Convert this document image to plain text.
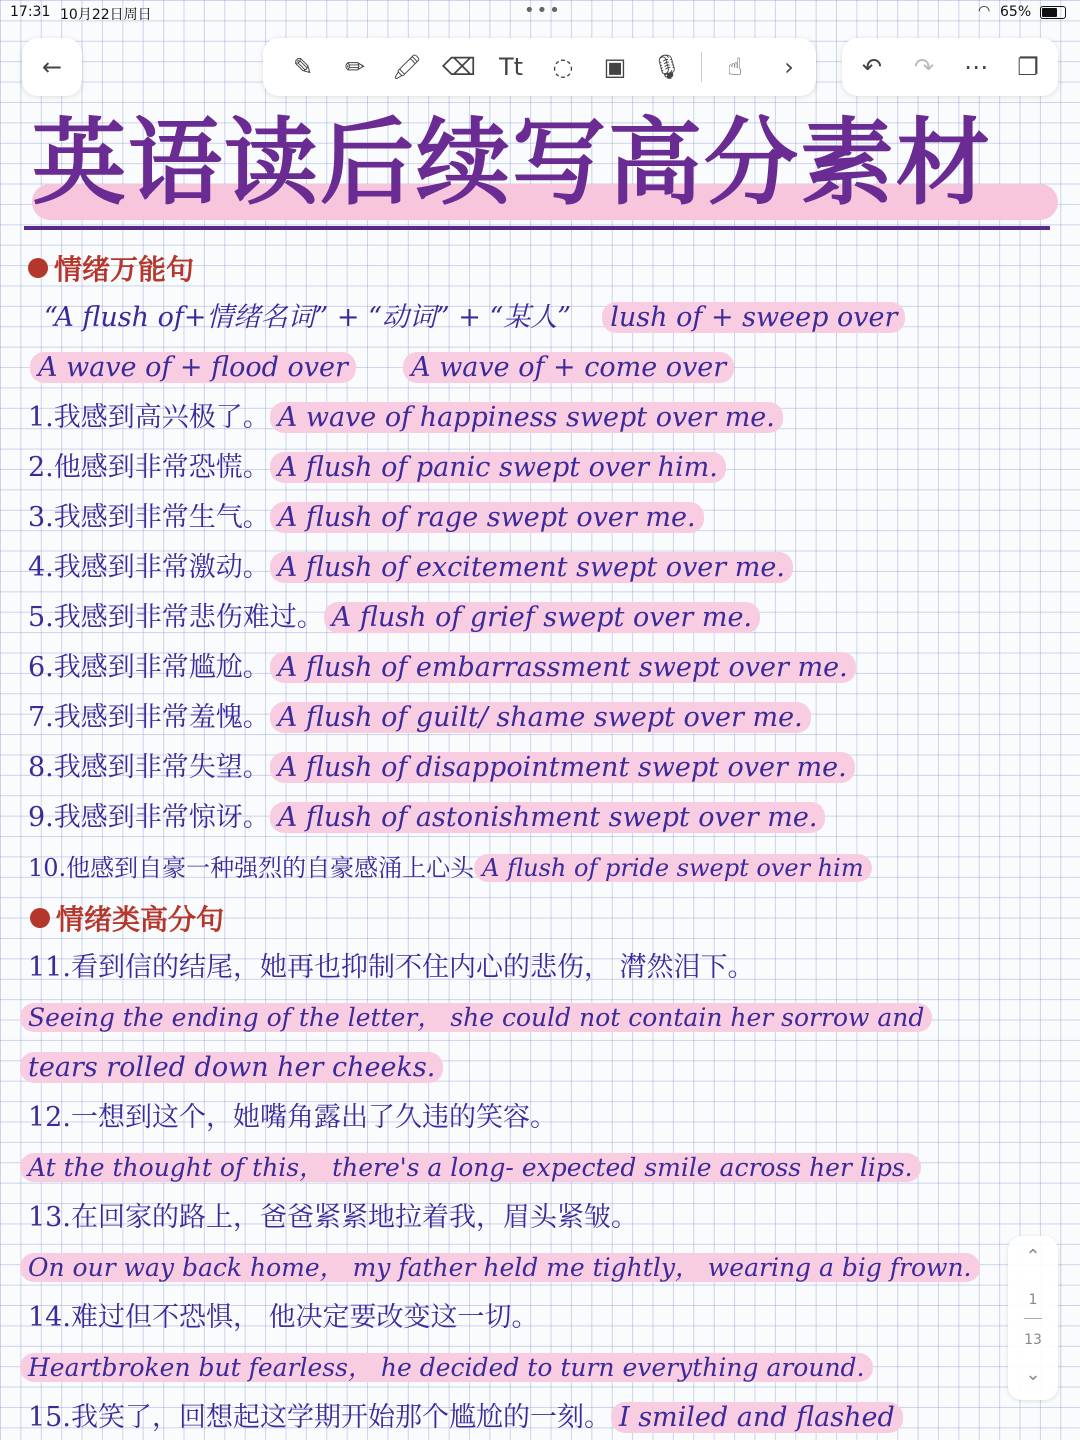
17:31 10月22日周日	•••	◠ 65%
←	✎	✏	🖍 ⌫ Tt	◌	▣	🎙	☝	›	↶	↷	⋯	❐
英语读后续写高分素材
情绪万能句
“A flush of+情绪名词” + “动词” + “某人” lush of + sweep over
A wave of + flood over A wave of + come over
1.我感到高兴极了。 A wave of happiness swept over me.
2.他感到非常恐慌。 A flush of panic swept over him.
3.我感到非常生气。 A flush of rage swept over me.
4.我感到非常激动。 A flush of excitement swept over me.
5.我感到非常悲伤难过。 A flush of grief swept over me.
6.我感到非常尴尬。 A flush of embarrassment swept over me.
7.我感到非常羞愧。 A flush of guilt/ shame swept over me.
8.我感到非常失望。 A flush of disappointment swept over me.
9.我感到非常惊讶。 A flush of astonishment swept over me.
10.他感到自豪一种强烈的自豪感涌上心头 A flush of pride swept over him
情绪类高分句
11.看到信的结尾，她再也抑制不住内心的悲伤， 潸然泪下。
Seeing the ending of the letter， she could not contain her sorrow and
tears rolled down her cheeks.
12.一想到这个，她嘴角露出了久违的笑容。
At the thought of this， there's a long- expected smile across her lips.
13.在回家的路上，爸爸紧紧地拉着我，眉头紧皱。
On our way back home， my father held me tightly， wearing a big frown.
14.难过但不恐惧， 他决定要改变这一切。
Heartbroken but fearless， he decided to turn everything around.
15.我笑了，回想起这学期开始那个尴尬的一刻。 I smiled and flashed
⌃
1
13
⌄
